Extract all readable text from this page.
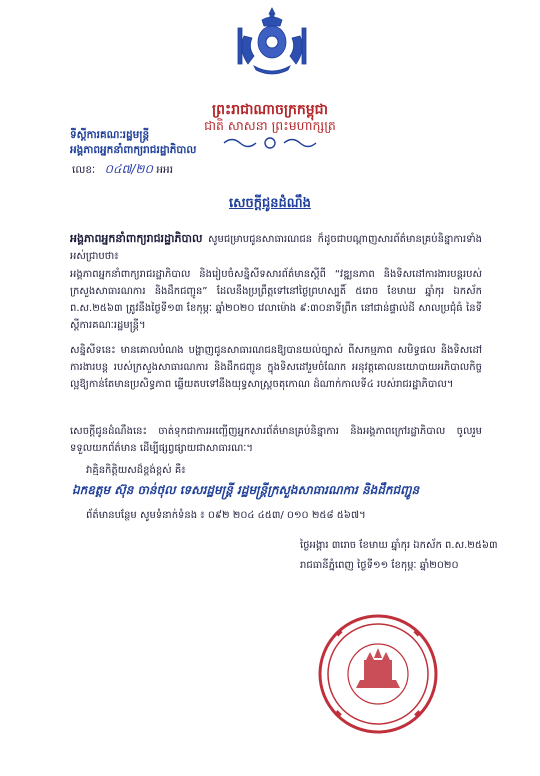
ព្រះរាជាណាចក្រកម្ពុជា
ជាតិ សាសនា ព្រះមហាក្សត្រ
ទីស្តីការគណៈរដ្ឋមន្ត្រី
អង្គភាពអ្នកនាំពាក្យរាជរដ្ឋាភិបាល
លេខៈ ០៤៧/២០ អអរ
សេចក្តីជូនដំណឹង
អង្គភាពអ្នកនាំពាក្យរាជរដ្ឋាភិបាល សូមជម្រាបជូនសាធារណជន ក៏ដូចជាបណ្តាញសារព័ត៌មានគ្រប់និន្នាការទាំងអស់ជ្រាបថា៖
អង្គភាពអ្នកនាំពាក្យរាជរដ្ឋាភិបាល និងរៀបចំសន្និសីទសារព័ត៌មានស្តីពី “វឌ្ឍនភាព និងទិសដៅការងារបន្តរបស់ក្រសួងសាធារណការ និងដឹកជញ្ជូន” ដែលនឹងប្រព្រឹត្តទៅនៅថ្ងៃព្រហស្បតិ៍ ៥រោច ខែមាឃ ឆ្នាំកុរ ឯកស័ក ព.ស.២៥៦៣ ត្រូវនឹងថ្ងៃទី១៣ ខែកុម្ភៈ ឆ្នាំ២០២០ វេលាម៉ោង ៩:៣០នាទីព្រឹក នៅជាន់ផ្ទាល់ដី សាលប្រជុំធំ នៃទីស្តីការគណៈរដ្ឋមន្ត្រី។
សន្និសីទនេះ មានគោលបំណង បង្ហាញជូនសាធារណជនឱ្យបានយល់ច្បាស់ ពីសកម្មភាព សមិទ្ធផល និងទិសដៅការងារបន្ត របស់ក្រសួងសាធារណការ និងដឹកជញ្ជូន ក្នុងទិសដៅរួមចំណែក អនុវត្តគោលនយោបាយអភិបាលកិច្ចល្អឱ្យកាន់តែមានប្រសិទ្ធភាព ឆ្លើយតបទៅនឹងយុទ្ធសាស្ត្រចតុកោណ ដំណាក់កាលទី៤ របស់រាជរដ្ឋាភិបាល។
សេចក្តីជូនដំណឹងនេះ ចាត់ទុកជាការអញ្ជើញអ្នកសារព័ត៌មានគ្រប់និន្នាការ និងអង្គភាពក្រៅរដ្ឋាភិបាល ចូលរួមទទួលយកព័ត៌មាន ដើម្បីផ្សព្វផ្សាយជាសាធារណៈ។
វាគ្មិនកិត្តិយសដ៏ខ្ពង់ខ្ពស់ គឺ៖
ឯកឧត្តម ស៊ុន ចាន់ថុល ទេសរដ្ឋមន្ត្រី រដ្ឋមន្ត្រីក្រសួងសាធារណការ និងដឹកជញ្ជូន
ព័ត៌មានបន្ថែម សូមទំនាក់ទំនង ៖ ០៩២ ២០៤ ៤៥៣/ ០១០ ២៥៨ ៥៦៧។
ថ្ងៃអង្គារ ៣រោច ខែមាឃ ឆ្នាំកុរ ឯកស័ក ព.ស.២៥៦៣
រាជធានីភ្នំពេញ ថ្ងៃទី១១ ខែកុម្ភៈ ឆ្នាំ២០២០
